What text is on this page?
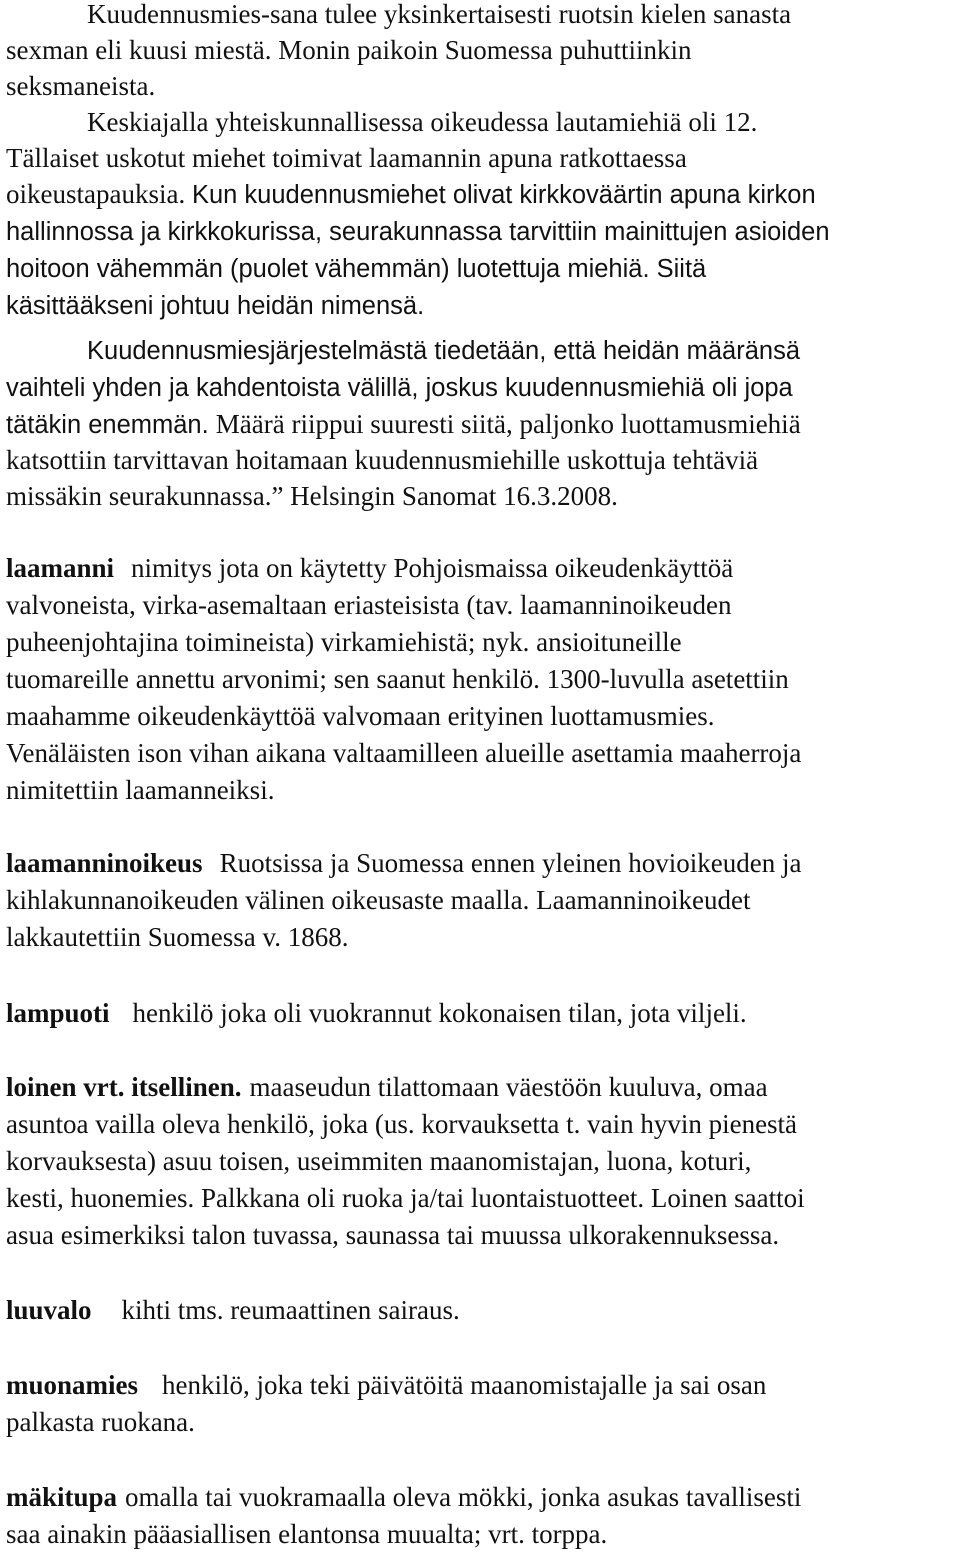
Kuudennusmies-sana tulee yksinkertaisesti ruotsin kielen sanasta
sexman eli kuusi miestä. Monin paikoin Suomessa puhuttiinkin
seksmaneista.
Keskiajalla yhteiskunnallisessa oikeudessa lautamiehiä oli 12.
Tällaiset uskotut miehet toimivat laamannin apuna ratkottaessa
oikeustapauksia. Kun kuudennusmiehet olivat kirkkoväärtin apuna kirkon
hallinnossa ja kirkkokurissa, seurakunnassa tarvittiin mainittujen asioiden
hoitoon vähemmän (puolet vähemmän) luotettuja miehiä. Siitä
käsittääkseni johtuu heidän nimensä.
Kuudennusmiesjärjestelmästä tiedetään, että heidän määränsä
vaihteli yhden ja kahdentoista välillä, joskus kuudennusmiehiä oli jopa
tätäkin enemmän. Määrä riippui suuresti siitä, paljonko luottamusmiehiä
katsottiin tarvittavan hoitamaan kuudennusmiehille uskottuja tehtäviä
missäkin seurakunnassa.” Helsingin Sanomat 16.3.2008.
laamanni nimitys jota on käytetty Pohjoismaissa oikeudenkäyttöä
valvoneista, virka-asemaltaan eriasteisista (tav. laamanninoikeuden
puheenjohtajina toimineista) virkamiehistä; nyk. ansioituneille
tuomareille annettu arvonimi; sen saanut henkilö. 1300-luvulla asetettiin
maahamme oikeudenkäyttöä valvomaan erityinen luottamusmies.
Venäläisten ison vihan aikana valtaamilleen alueille asettamia maaherroja
nimitettiin laamanneiksi.
laamanninoikeus Ruotsissa ja Suomessa ennen yleinen hovioikeuden ja
kihlakunnanoikeuden välinen oikeusaste maalla. Laamanninoikeudet
lakkautettiin Suomessa v. 1868.
lampuoti henkilö joka oli vuokrannut kokonaisen tilan, jota viljeli.
loinen vrt. itsellinen. maaseudun tilattomaan väestöön kuuluva, omaa
asuntoa vailla oleva henkilö, joka (us. korvauksetta t. vain hyvin pienestä
korvauksesta) asuu toisen, useimmiten maanomistajan, luona, koturi,
kesti, huonemies. Palkkana oli ruoka ja/tai luontaistuotteet. Loinen saattoi
asua esimerkiksi talon tuvassa, saunassa tai muussa ulkorakennuksessa.
luuvalo kihti tms. reumaattinen sairaus.
muonamies henkilö, joka teki päivätöitä maanomistajalle ja sai osan
palkasta ruokana.
mäkitupa omalla tai vuokramaalla oleva mökki, jonka asukas tavallisesti
saa ainakin pääasiallisen elantonsa muualta; vrt. torppa.
